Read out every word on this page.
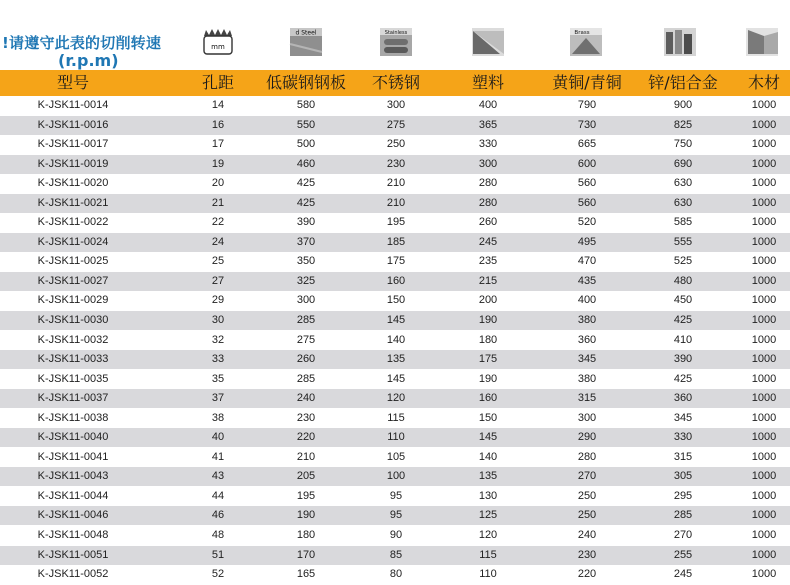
!请遵守此表的切削转速
(r.p.m)
mm
d Steel	Stainless	Brass
型号	孔距 低碳钢钢板 不锈钢	塑料	黄铜/青铜 锌/铝合金 木材
K-JSK11-0014	14	580	300	400	790	900	1000
K-JSK11-0016	16	550	275	365	730	825	1000
K-JSK11-0017	17	500	250	330	665	750	1000
K-JSK11-0019	19	460	230	300	600	690	1000
K-JSK11-0020	20	425	210	280	560	630	1000
K-JSK11-0021	21	425	210	280	560	630	1000
K-JSK11-0022	22	390	195	260	520	585	1000
K-JSK11-0024	24	370	185	245	495	555	1000
K-JSK11-0025	25	350	175	235	470	525	1000
K-JSK11-0027	27	325	160	215	435	480	1000
K-JSK11-0029	29	300	150	200	400	450	1000
K-JSK11-0030	30	285	145	190	380	425	1000
K-JSK11-0032	32	275	140	180	360	410	1000
K-JSK11-0033	33	260	135	175	345	390	1000
K-JSK11-0035	35	285	145	190	380	425	1000
K-JSK11-0037	37	240	120	160	315	360	1000
K-JSK11-0038	38	230	115	150	300	345	1000
K-JSK11-0040	40	220	110	145	290	330	1000
K-JSK11-0041	41	210	105	140	280	315	1000
K-JSK11-0043	43	205	100	135	270	305	1000
K-JSK11-0044	44	195	95	130	250	295	1000
K-JSK11-0046	46	190	95	125	250	285	1000
K-JSK11-0048	48	180	90	120	240	270	1000
K-JSK11-0051	51	170	85	115	230	255	1000
K-JSK11-0052	52	165	80	110	220	245	1000
